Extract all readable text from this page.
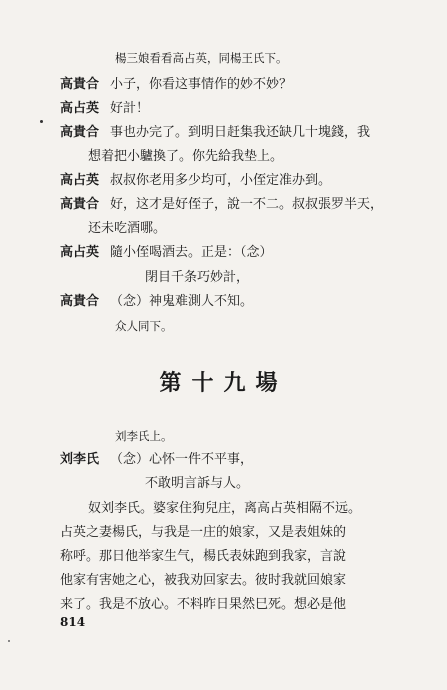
楊三娘看看高占英，同楊王氏下。
高貴合 小子，你看这事情作的妙不妙？
高占英 好計！
高貴合 事也办完了。到明日赶集我还缺几十塊錢，我
想着把小驢換了。你先給我垫上。
高占英 叔叔你老用多少均可，小侄定准办到。
高貴合 好，这才是好侄子，說一不二。叔叔張罗半天，
还未吃酒哪。
高占英 隨小侄喝酒去。正是：（念）
閉目千条巧妙計，
高貴合 （念）神鬼难測人不知。
众人同下。
刘李氏上。
刘李氏 （念）心怀一件不平事，
不敢明言訴与人。
奴刘李氏。婆家住狗兒庄，离高占英相隔不远。
占英之妻楊氏，与我是一庄的娘家，又是表姐妹的
称呼。那日他举家生气，楊氏表妹跑到我家，言說
他家有害她之心，被我劝回家去。彼时我就回娘家
来了。我是不放心。不料昨日果然巳死。想必是他
第十九場
814
